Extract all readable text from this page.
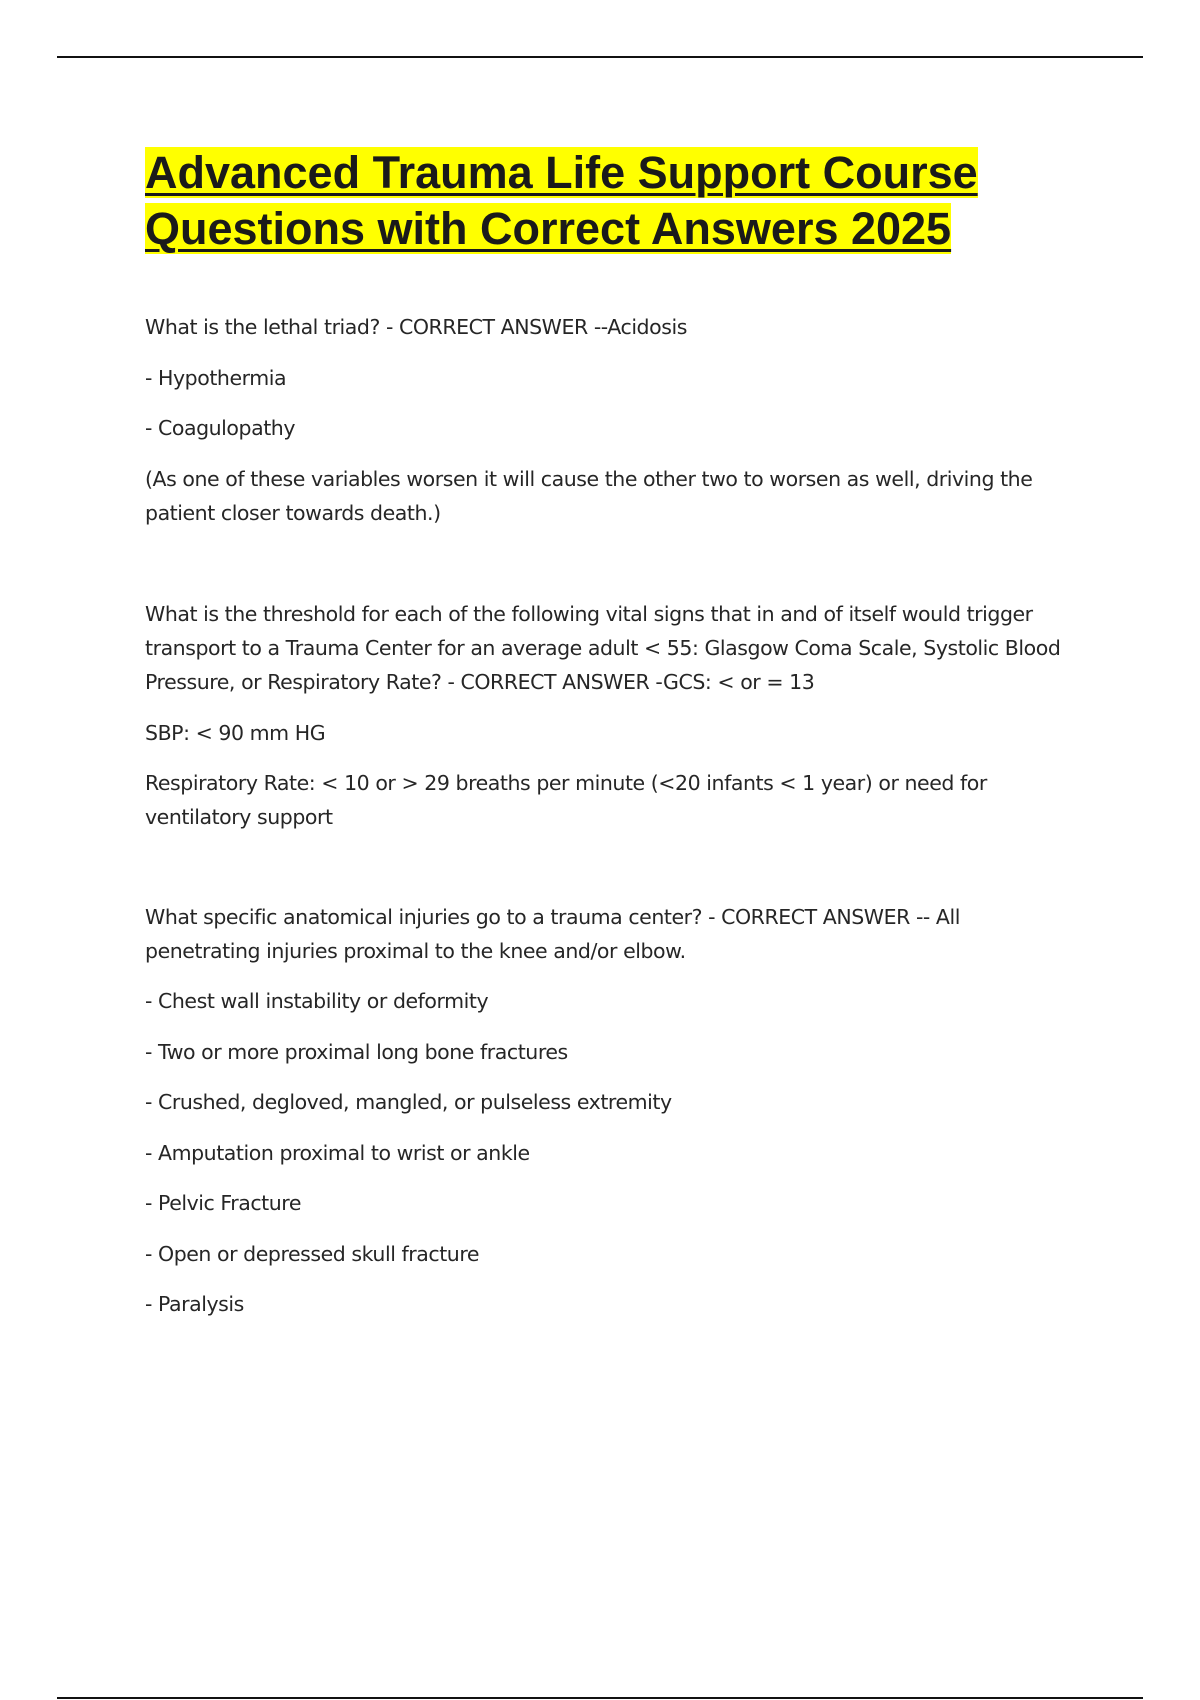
Advanced Trauma Life Support Course
Questions with Correct Answers 2025

What is the lethal triad? - CORRECT ANSWER --Acidosis

- Hypothermia

- Coagulopathy

(As one of these variables worsen it will cause the other two to worsen as well, driving the patient closer towards death.)

What is the threshold for each of the following vital signs that in and of itself would trigger transport to a Trauma Center for an average adult < 55: Glasgow Coma Scale, Systolic Blood Pressure, or Respiratory Rate? - CORRECT ANSWER -GCS: < or = 13

SBP: < 90 mm HG

Respiratory Rate: < 10 or > 29 breaths per minute (<20 infants < 1 year) or need for ventilatory support

What specific anatomical injuries go to a trauma center? - CORRECT ANSWER -- All penetrating injuries proximal to the knee and/or elbow.

- Chest wall instability or deformity

- Two or more proximal long bone fractures

- Crushed, degloved, mangled, or pulseless extremity

- Amputation proximal to wrist or ankle

- Pelvic Fracture

- Open or depressed skull fracture

- Paralysis
